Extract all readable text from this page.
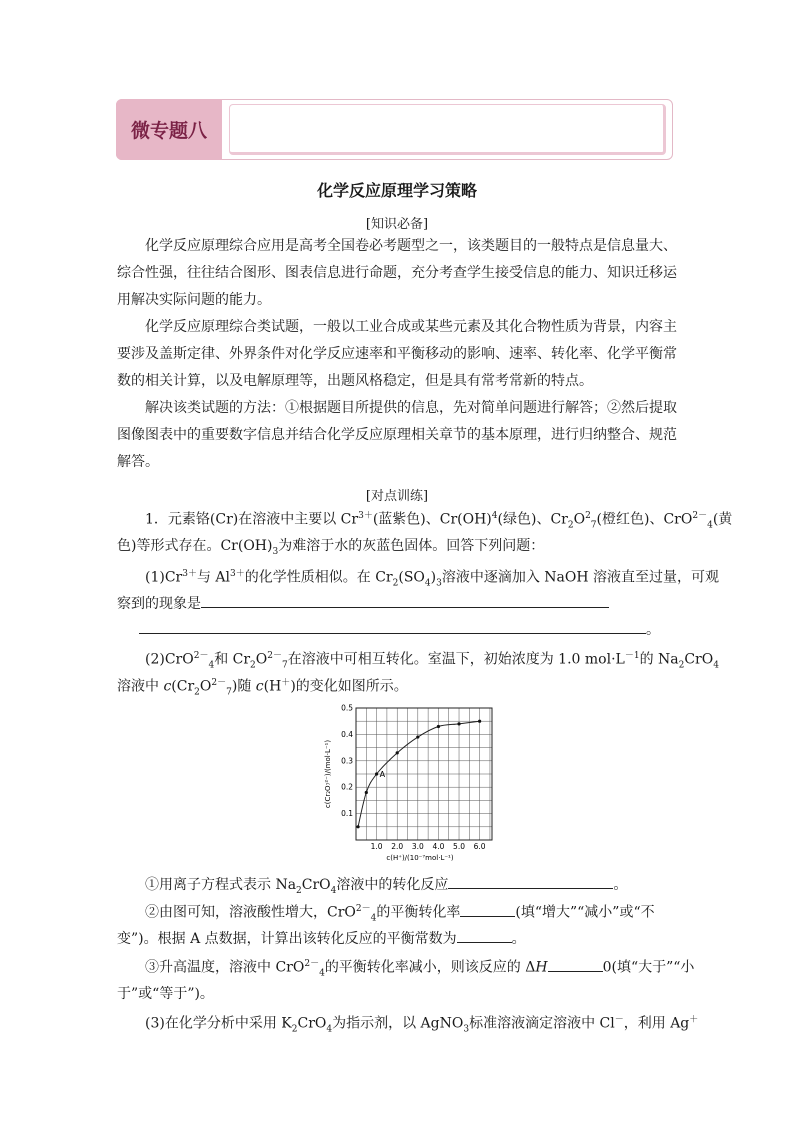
微专题八
化学反应原理学习策略
[知识必备]

化学反应原理综合应用是高考全国卷必考题型之一，该类题目的一般特点是信息量大、综合性强，往往结合图形、图表信息进行命题，充分考查学生接受信息的能力、知识迁移运用解决实际问题的能力。

化学反应原理综合类试题，一般以工业合成或某些元素及其化合物性质为背景，内容主要涉及盖斯定律、外界条件对化学反应速率和平衡移动的影响、速率、转化率、化学平衡常数的相关计算，以及电解原理等，出题风格稳定，但是具有常考常新的特点。

解决该类试题的方法：①根据题目所提供的信息，先对简单问题进行解答；②然后提取图像图表中的重要数字信息并结合化学反应原理相关章节的基本原理，进行归纳整合、规范解答。

[对点训练]
1．元素铬(Cr)在溶液中主要以 $Cr^{3+}$(蓝紫色)、Cr(OH)$^4$(绿色)、$Cr_2O^2_7$(橙红色)、CrO$^{2-}_4$(黄
色)等形式存在。$Cr(OH)_3$为难溶于水的灰蓝色固体。回答下列问题：
$(1)Cr^{3+}$与 $Al^{3+}$的化学性质相似。在 $Cr_2(SO_4)_3$溶液中逐滴加入 NaOH 溶液直至过量，可观
察到的现象是
。
(2)CrO$^{2-}_4$和 $Cr_2O^{2-}_7$在溶液中可相互转化。室温下，初始浓度为 1.0 $mol\cdot L^{-1}$的 $Na_2CrO_4$
溶液中 $c(Cr_2O^{2-}_7)$随 c(H＋)的变化如图所示。
1.0 2.0 3.0 4.0 5.0 6.0
0.1
0.2
0.3
0.4
0.5
A
c(H⁺)/(10⁻⁷mol·L⁻¹)
c(Cr₂O₇²⁻)/(mol·L⁻¹)
①用离子方程式表示 $Na_2CrO_4$溶液中的转化反应	。
②由图可知，溶液酸性增大，CrO$^{2-}_4$的平衡转化率	(填“增大”“减小”或“不
变”)。根据 A 点数据，计算出该转化反应的平衡常数为	。
③升高温度，溶液中 CrO$^{2-}_4$的平衡转化率减小，则该反应的 ΔH	0(填“大于”“小
于”或“等于”)。
(3)在化学分析中采用 $K_2CrO_4$为指示剂，以 AgNO$_3$标准溶液滴定溶液中 Cl－，利用 Ag＋
